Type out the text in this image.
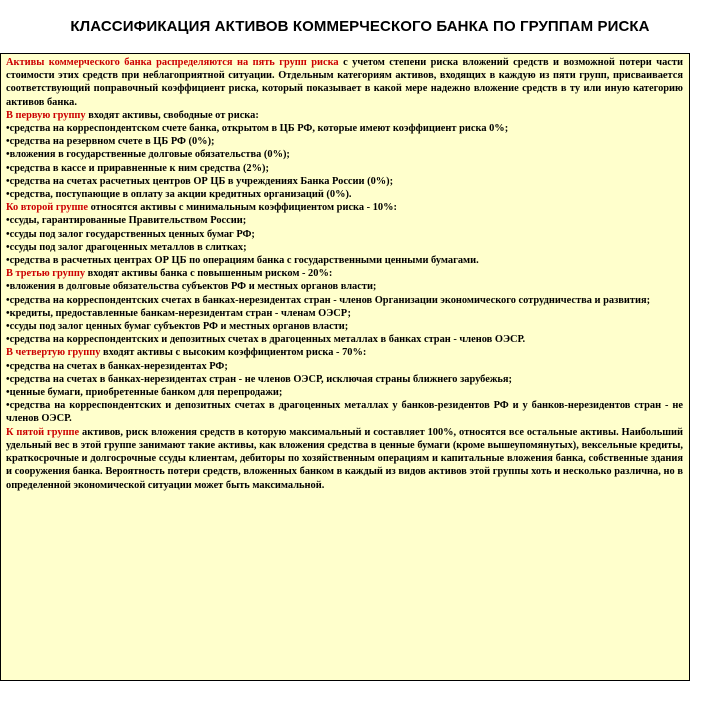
КЛАССИФИКАЦИЯ АКТИВОВ КОММЕРЧЕСКОГО БАНКА ПО ГРУППАМ РИСКА

Активы коммерческого банка распределяются на пять групп риска с учетом степени риска вложений средств и возможной потери части стоимости этих средств при неблагоприятной ситуации. Отдельным категориям активов, входящих в каждую из пяти групп, присваивается соответствующий поправочный коэффициент риска, который показывает в какой мере надежно вложение средств в ту или иную категорию активов банка.

В первую группу входят активы, свободные от риска:

•средства на корреспондентском счете банка, открытом в ЦБ РФ, которые имеют коэффициент риска 0%;

•средства на резервном счете в ЦБ РФ (0%);

•вложения в государственные долговые обязательства (0%);

•средства в кассе и приравненные к ним средства (2%);

•средства на счетах расчетных центров ОР ЦБ в учреждениях Банка России (0%);

•средства, поступающие в оплату за акции кредитных организаций (0%).

Ко второй группе относятся активы с минимальным коэффициентом риска - 10%:

•ссуды, гарантированные Правительством России;

•ссуды под залог государственных ценных бумаг РФ;

•ссуды под залог драгоценных металлов в слитках;

•средства в расчетных центрах ОР ЦБ по операциям банка с государственными ценными бумагами.

В третью группу входят активы банка с повышенным риском - 20%:

•вложения в долговые обязательства субъектов РФ и местных органов власти;

•средства на корреспондентских счетах в банках-нерезидентах стран - членов Организации экономического сотрудничества и развития;

•кредиты, предоставленные банкам-нерезидентам стран - членам ОЭСР;

•ссуды под залог ценных бумаг субъектов РФ и местных органов власти;

•средства на корреспондентских и депозитных счетах в драгоценных металлах в банках стран - членов ОЭСР.

В четвертую группу входят активы с высоким коэффициентом риска - 70%:

•средства на счетах в банках-нерезидентах РФ;

•средства на счетах в банках-нерезидентах стран - не членов ОЭСР, исключая страны ближнего зарубежья;

•ценные бумаги, приобретенные банком для перепродажи;

•средства на корреспондентских и депозитных счетах в драгоценных металлах у банков-резидентов РФ и у банков-нерезидентов стран - не членов ОЭСР.

К пятой группе активов, риск вложения средств в которую максимальный и составляет 100%, относятся все остальные активы. Наибольший удельный вес в этой группе занимают такие активы, как вложения средства в ценные бумаги (кроме вышеупомянутых), вексельные кредиты, краткосрочные и долгосрочные ссуды клиентам, дебиторы по хозяйственным операциям и капитальные вложения банка, собственные здания и сооружения банка. Вероятность потери средств, вложенных банком в каждый из видов активов этой группы хоть и несколько различна, но в определенной экономической ситуации может быть максимальной.
